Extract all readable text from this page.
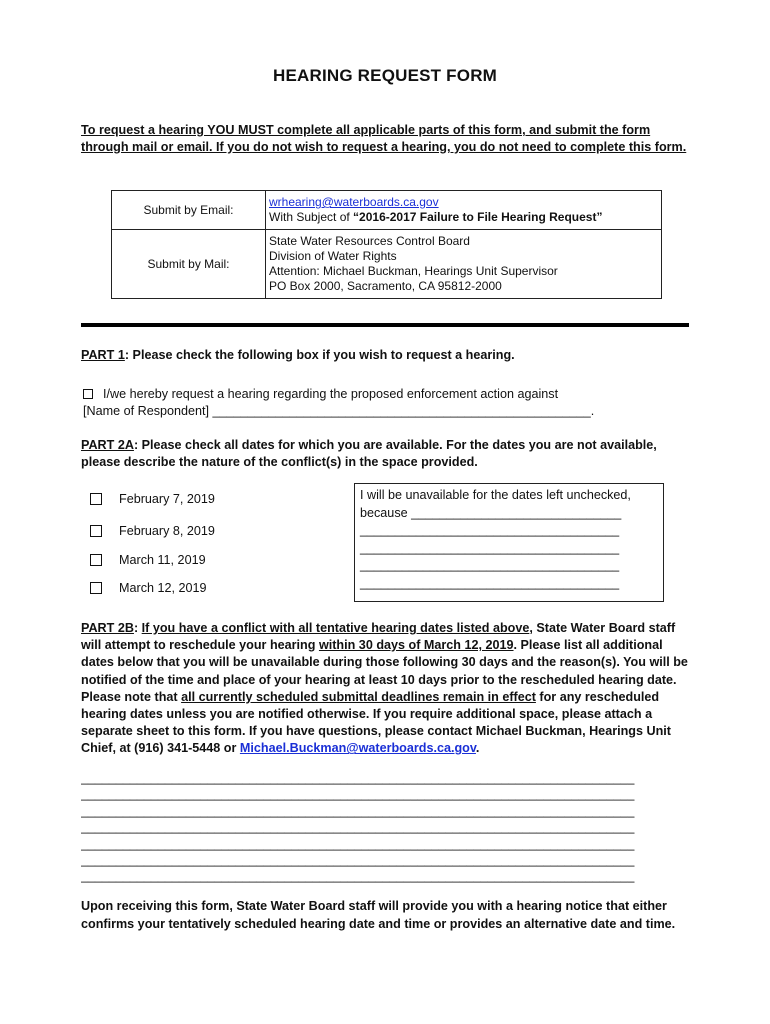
HEARING REQUEST FORM
To request a hearing YOU MUST complete all applicable parts of this form, and submit the form through mail or email. If you do not wish to request a hearing, you do not need to complete this form.
Submit by Email:	wrhearing@waterboards.ca.gov
With Subject of “2016-2017 Failure to File Hearing Request”
Submit by Mail:	State Water Resources Control Board
Division of Water Rights
Attention: Michael Buckman, Hearings Unit Supervisor
PO Box 2000, Sacramento, CA 95812-2000
PART 1: Please check the following box if you wish to request a hearing.
I/we hereby request a hearing regarding the proposed enforcement action against
[Name of Respondent] ______________________________________________________.
PART 2A: Please check all dates for which you are available. For the dates you are not available, please describe the nature of the conflict(s) in the space provided.
February 7, 2019
February 8, 2019
March 11, 2019
March 12, 2019
I will be unavailable for the dates left unchecked, because ______________________________
_____________________________________
_____________________________________
_____________________________________
_____________________________________
PART 2B: If you have a conflict with all tentative hearing dates listed above, State Water Board staff will attempt to reschedule your hearing within 30 days of March 12, 2019. Please list all additional dates below that you will be unavailable during those following 30 days and the reason(s). You will be notified of the time and place of your hearing at least 10 days prior to the rescheduled hearing date. Please note that all currently scheduled submittal deadlines remain in effect for any rescheduled hearing dates unless you are notified otherwise. If you require additional space, please attach a separate sheet to this form. If you have questions, please contact Michael Buckman, Hearings Unit Chief, at (916) 341-5448 or Michael.Buckman@waterboards.ca.gov.
_______________________________________________________________________________
_______________________________________________________________________________
_______________________________________________________________________________
_______________________________________________________________________________
_______________________________________________________________________________
_______________________________________________________________________________
_______________________________________________________________________________
Upon receiving this form, State Water Board staff will provide you with a hearing notice that either confirms your tentatively scheduled hearing date and time or provides an alternative date and time.
